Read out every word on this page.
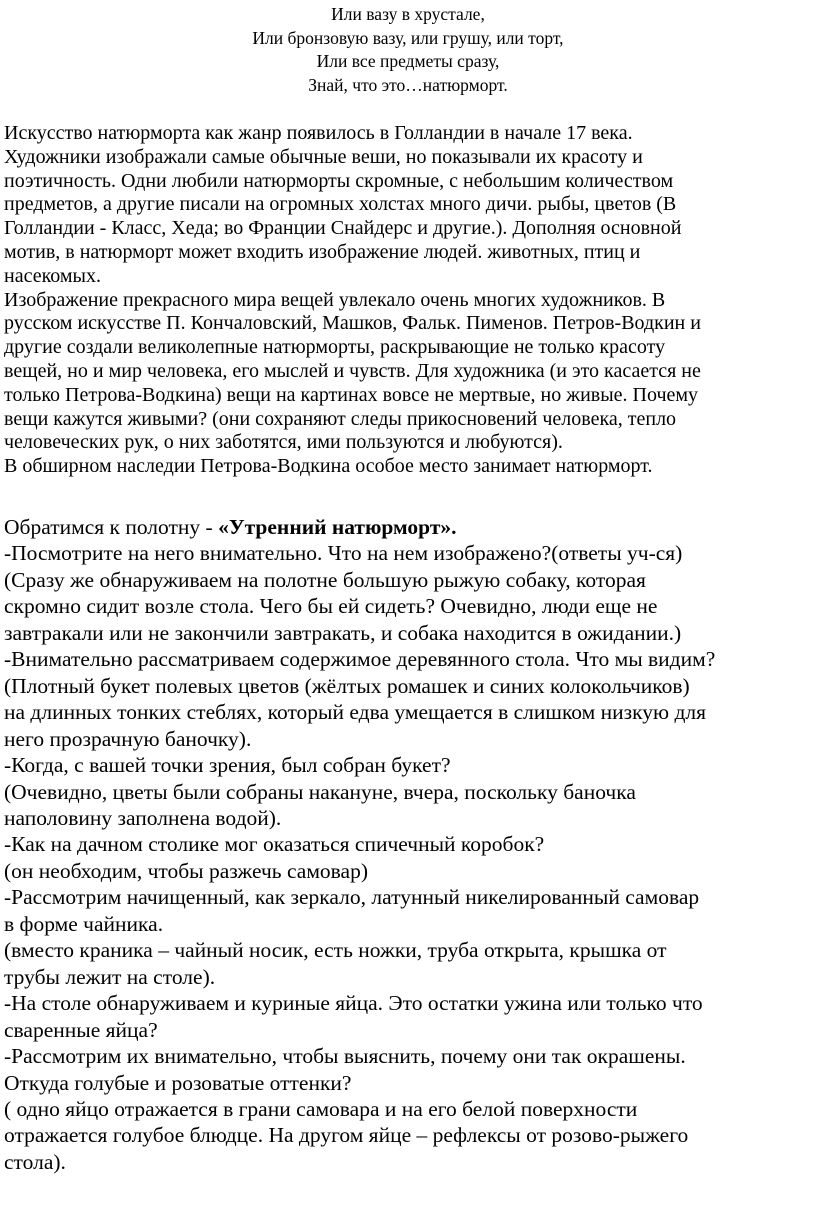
Или вазу в хрустале,
Или бронзовую вазу, или грушу, или торт,
Или все предметы сразу,
Знай, что это…натюрморт.
Искусство натюрморта как жанр появилось в Голландии в начале 17 века.
Художники изображали самые обычные веши, но показывали их красоту и
поэтичность. Одни любили натюрморты скромные, с небольшим количеством
предметов, а другие писали на огромных холстах много дичи. рыбы, цветов (В
Голландии - Класс, Хеда; во Франции Снайдерс и другие.). Дополняя основной
мотив, в натюрморт может входить изображение людей. животных, птиц и
насекомых.
Изображение прекрасного мира вещей увлекало очень многих художников. В
русском искусстве П. Кончаловский, Машков, Фальк. Пименов. Петров-Водкин и
другие создали великолепные натюрморты, раскрывающие не только красоту
вещей, но и мир человека, его мыслей и чувств. Для художника (и это касается не
только Петрова-Водкина) вещи на картинах вовсе не мертвые, но живые. Почему
вещи кажутся живыми? (они сохраняют следы прикосновений человека, тепло
человеческих рук, о них заботятся, ими пользуются и любуются).
В обширном наследии Петрова-Водкина особое место занимает натюрморт.
Обратимся к полотну - «Утренний натюрморт».
-Посмотрите на него внимательно. Что на нем изображено?(ответы уч-ся)
(Сразу же обнаруживаем на полотне большую рыжую собаку, которая
скромно сидит возле стола. Чего бы ей сидеть? Очевидно, люди еще не
завтракали или не закончили завтракать, и собака находится в ожидании.)
-Внимательно рассматриваем содержимое деревянного стола. Что мы видим?
(Плотный букет полевых цветов (жёлтых ромашек и синих колокольчиков)
на длинных тонких стеблях, который едва умещается в слишком низкую для
него прозрачную баночку).
-Когда, с вашей точки зрения, был собран букет?
(Очевидно, цветы были собраны накануне, вчера, поскольку баночка
наполовину заполнена водой).
-Как на дачном столике мог оказаться спичечный коробок?
(он необходим, чтобы разжечь самовар)
-Рассмотрим начищенный, как зеркало, латунный никелированный самовар
в форме чайника.
(вместо краника – чайный носик, есть ножки, труба открыта, крышка от
трубы лежит на столе).
-На столе обнаруживаем и куриные яйца. Это остатки ужина или только что
сваренные яйца?
-Рассмотрим их внимательно, чтобы выяснить, почему они так окрашены.
Откуда голубые и розоватые оттенки?
( одно яйцо отражается в грани самовара и на его белой поверхности
отражается голубое блюдце. На другом яйце – рефлексы от розово-рыжего
стола).
